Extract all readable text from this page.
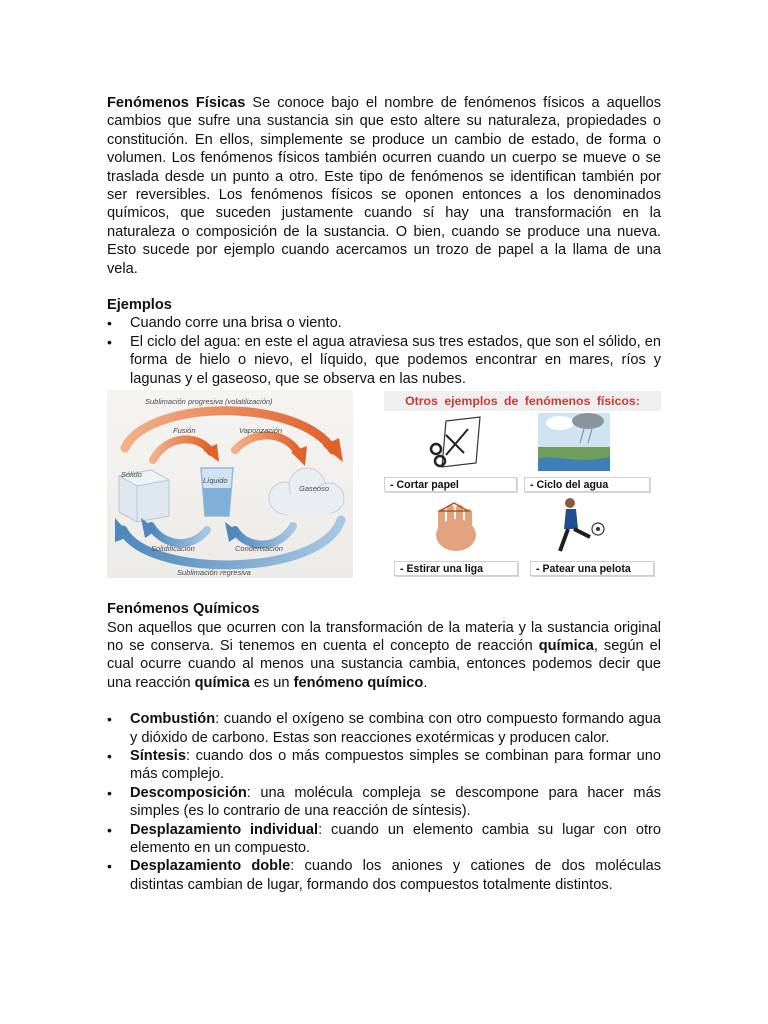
Fenómenos Físicas Se conoce bajo el nombre de fenómenos físicos a aquellos cambios que sufre una sustancia sin que esto altere su naturaleza, propiedades o constitución. En ellos, simplemente se produce un cambio de estado, de forma o volumen. Los fenómenos físicos también ocurren cuando un cuerpo se mueve o se traslada desde un punto a otro. Este tipo de fenómenos se identifican también por ser reversibles. Los fenómenos físicos se oponen entonces a los denominados químicos, que suceden justamente cuando sí hay una transformación en la naturaleza o composición de la sustancia. O bien, cuando se produce una nueva. Esto sucede por ejemplo cuando acercamos un trozo de papel a la llama de una vela.

Ejemplos

• Cuando corre una brisa o viento.
• El ciclo del agua: en este el agua atraviesa sus tres estados, que son el sólido, en forma de hielo o nievo, el líquido, que podemos encontrar en mares, ríos y lagunas y el gaseoso, que se observa en las nubes.
Sublimación progresiva (volatilización)
Fusión	Vaporización
Sólido
Líquido
Gaseoso
Solidificación	Condensación
Sublimación regresiva
Otros ejemplos de fenómenos físicos:
- Cortar papel	- Ciclo del agua
- Estirar una liga	- Patear una pelota

Fenómenos Químicos

Son aquellos que ocurren con la transformación de la materia y la sustancia original no se conserva. Si tenemos en cuenta el concepto de reacción química, según el cual ocurre cuando al menos una sustancia cambia, entonces podemos decir que una reacción química es un fenómeno químico.

• Combustión: cuando el oxígeno se combina con otro compuesto formando agua y dióxido de carbono. Estas son reacciones exotérmicas y producen calor.
• Síntesis: cuando dos o más compuestos simples se combinan para formar uno más complejo.
• Descomposición: una molécula compleja se descompone para hacer más simples (es lo contrario de una reacción de síntesis).
• Desplazamiento individual: cuando un elemento cambia su lugar con otro elemento en un compuesto.
• Desplazamiento doble: cuando los aniones y cationes de dos moléculas distintas cambian de lugar, formando dos compuestos totalmente distintos.
